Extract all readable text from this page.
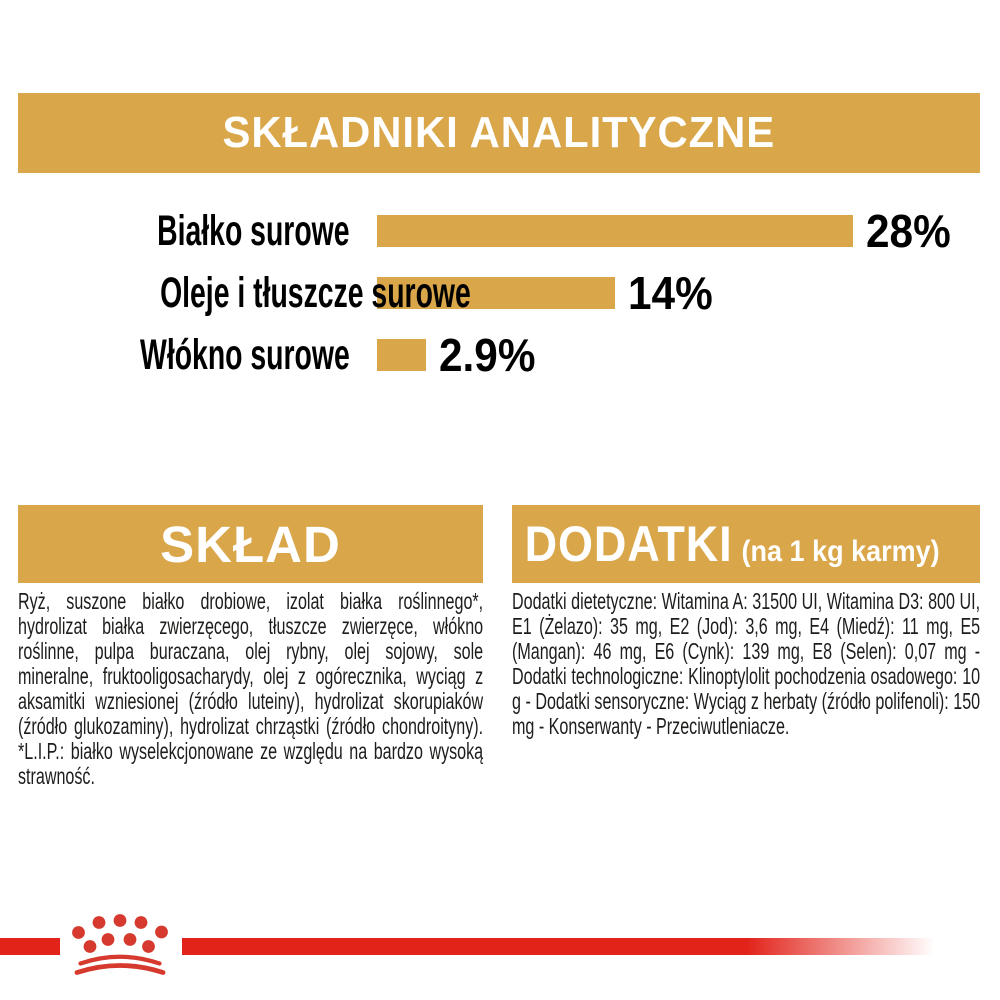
SKŁADNIKI ANALITYCZNE
Białko surowe	28%
Oleje i tłuszcze surowe	14%
Włókno surowe 2.9%
SKŁAD
Ryż, suszone białko drobiowe, izolat białka roślinnego*, hydrolizat białka zwierzęcego, tłuszcze zwierzęce, włókno roślinne, pulpa buraczana, olej rybny, olej sojowy, sole mineralne, fruktooligosacharydy, olej z ogórecznika, wyciąg z aksamitki wzniesionej (źródło luteiny), hydrolizat skorupiaków (źródło glukozaminy), hydrolizat chrząstki (źródło chondroityny). *L.I.P.: białko wyselekcjonowane ze względu na bardzo wysoką strawność.
DODATKI (na 1 kg karmy)
Dodatki dietetyczne: Witamina A: 31500 UI, Witamina D3: 800 UI, E1 (Żelazo): 35 mg, E2 (Jod): 3,6 mg, E4 (Miedź): 11 mg, E5 (Mangan): 46 mg, E6 (Cynk): 139 mg, E8 (Selen): 0,07 mg - Dodatki technologiczne: Klinoptylolit pochodzenia osadowego: 10 g - Dodatki sensoryczne: Wyciąg z herbaty (źródło polifenoli): 150 mg - Konserwanty - Przeciwutleniacze.
